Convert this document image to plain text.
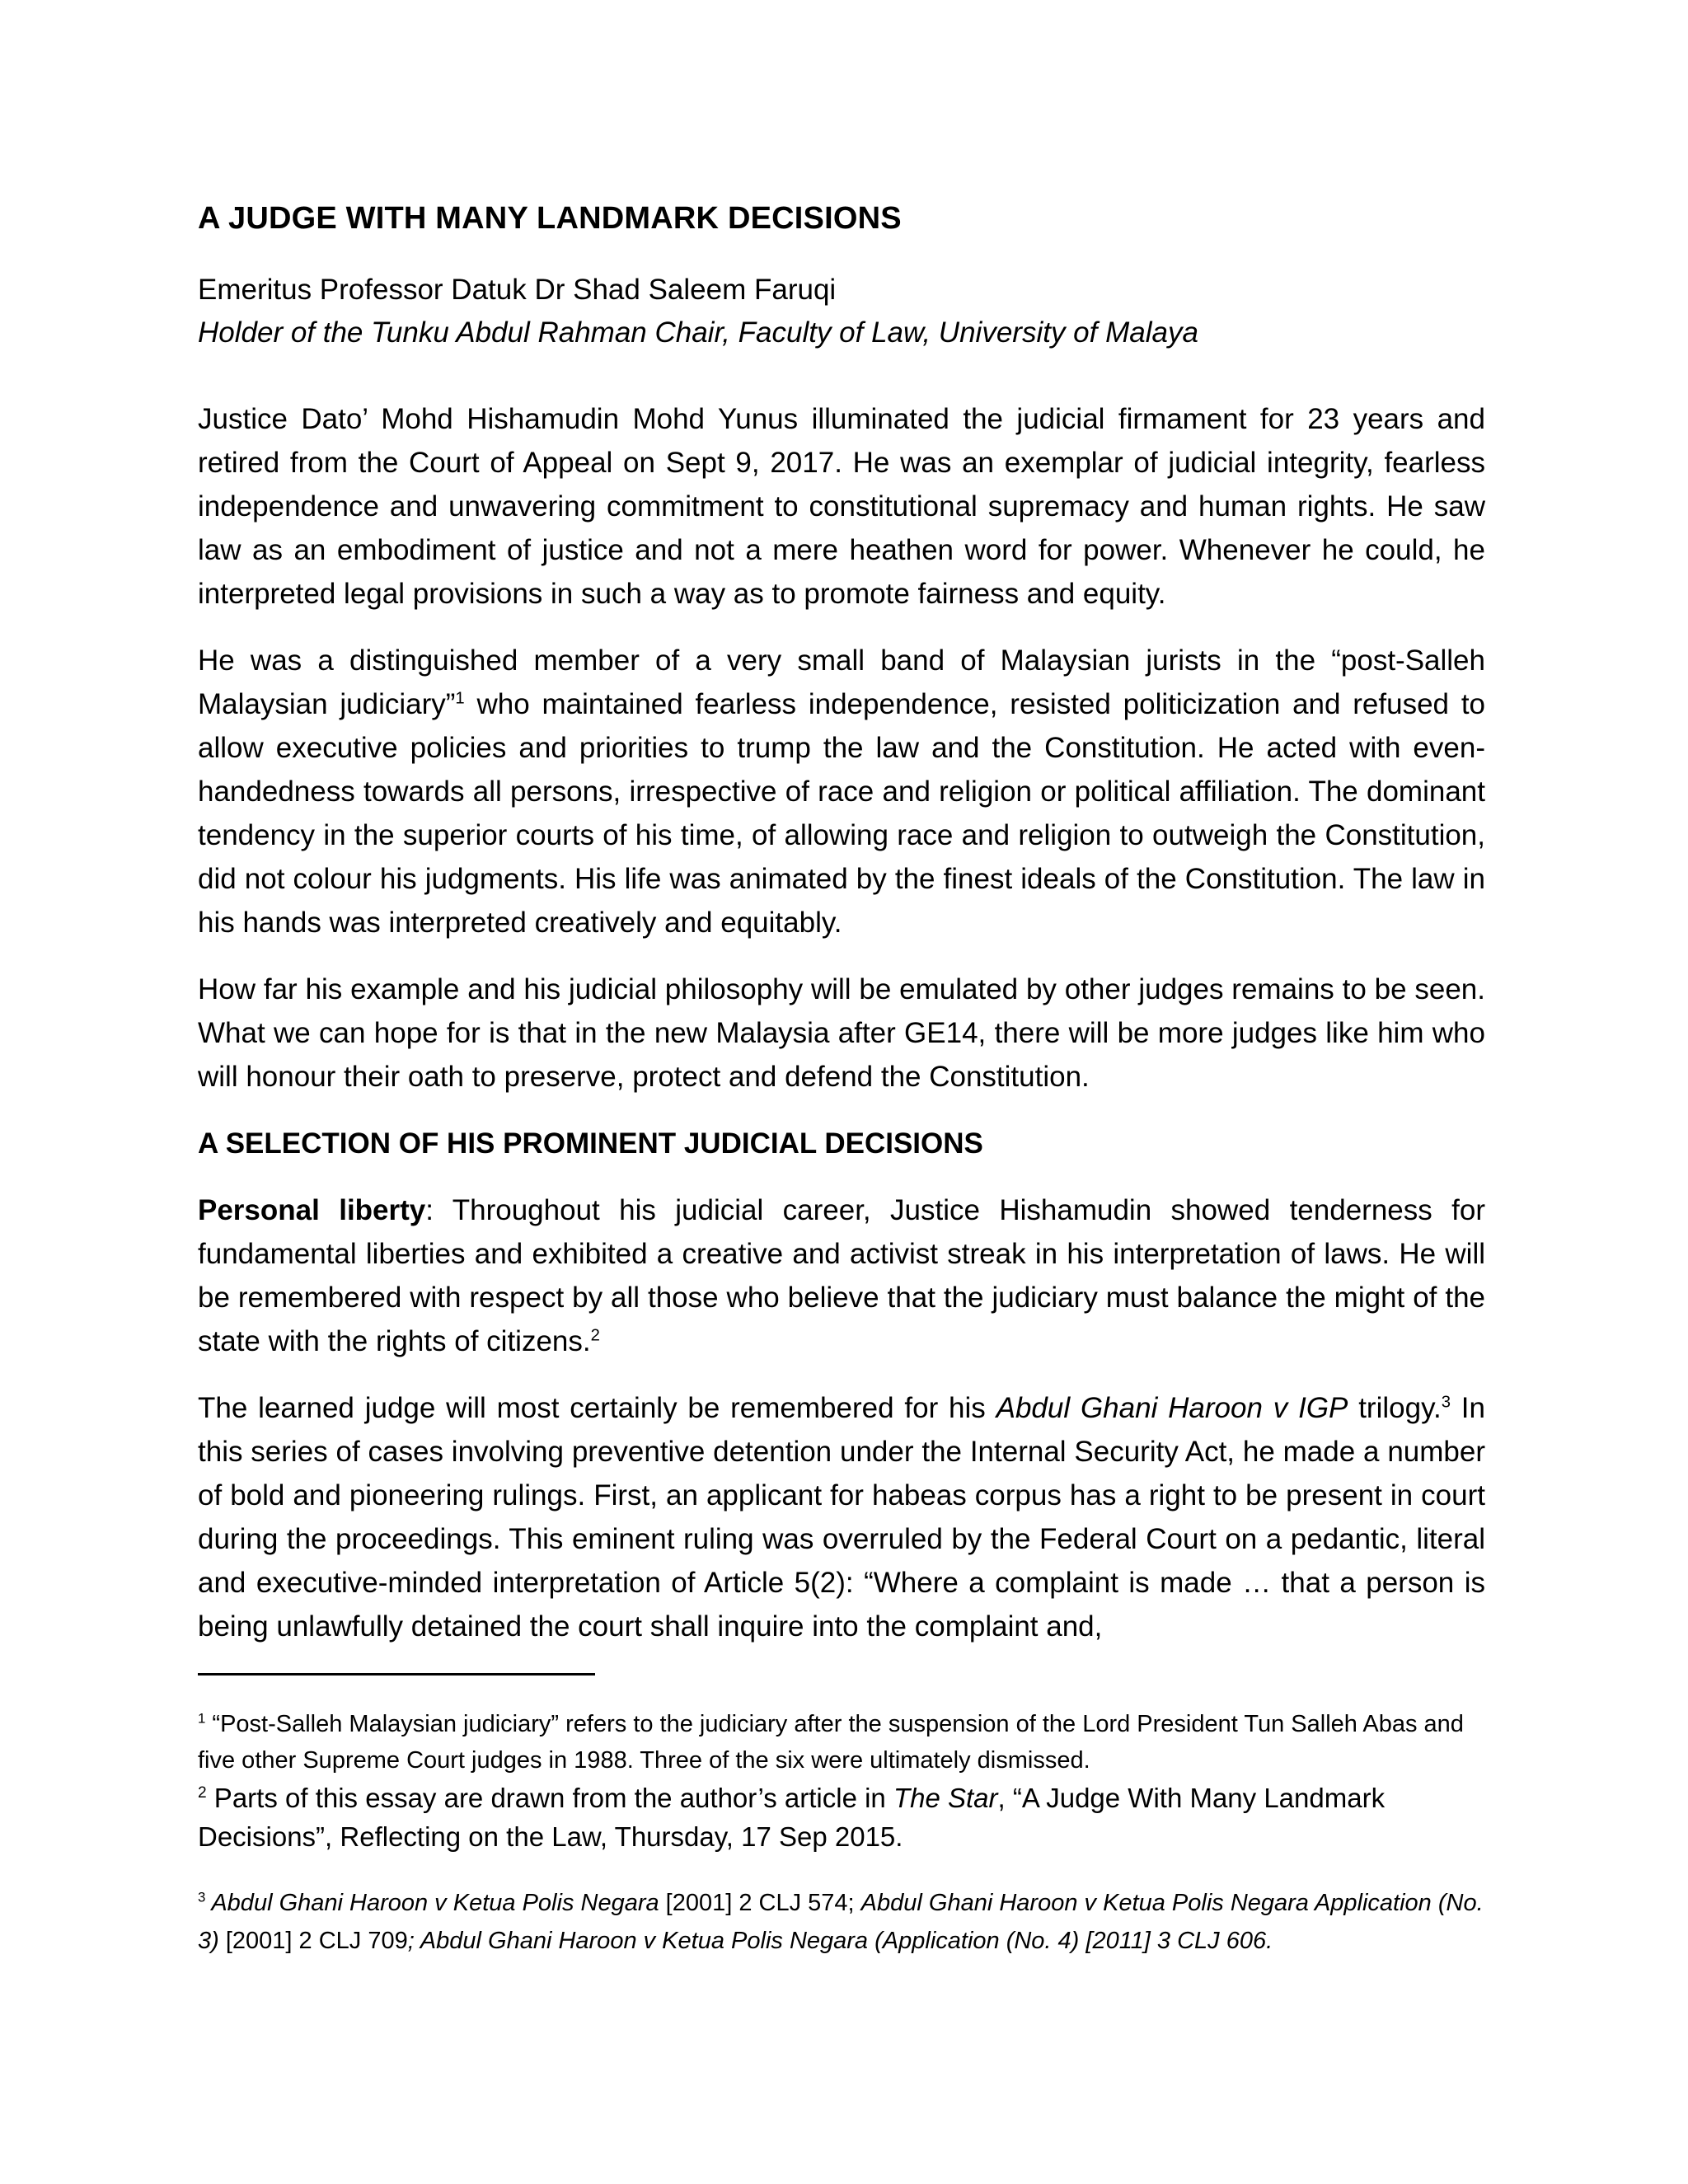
A JUDGE WITH MANY LANDMARK DECISIONS

Emeritus Professor Datuk Dr Shad Saleem Faruqi

Holder of the Tunku Abdul Rahman Chair, Faculty of Law, University of Malaya

Justice Dato’ Mohd Hishamudin Mohd Yunus illuminated the judicial firmament for 23 years and retired from the Court of Appeal on Sept 9, 2017. He was an exemplar of judicial integrity, fearless independence and unwavering commitment to constitutional supremacy and human rights. He saw law as an embodiment of justice and not a mere heathen word for power. Whenever he could, he interpreted legal provisions in such a way as to promote fairness and equity.

He was a distinguished member of a very small band of Malaysian jurists in the “post-Salleh Malaysian judiciary”$^1$ who maintained fearless independence, resisted politicization and refused to allow executive policies and priorities to trump the law and the Constitution. He acted with even-handedness towards all persons, irrespective of race and religion or political affiliation. The dominant tendency in the superior courts of his time, of allowing race and religion to outweigh the Constitution, did not colour his judgments. His life was animated by the finest ideals of the Constitution. The law in his hands was interpreted creatively and equitably.

How far his example and his judicial philosophy will be emulated by other judges remains to be seen. What we can hope for is that in the new Malaysia after GE14, there will be more judges like him who will honour their oath to preserve, protect and defend the Constitution.

A SELECTION OF HIS PROMINENT JUDICIAL DECISIONS

Personal liberty: Throughout his judicial career, Justice Hishamudin showed tenderness for fundamental liberties and exhibited a creative and activist streak in his interpretation of laws. He will be remembered with respect by all those who believe that the judiciary must balance the might of the state with the rights of citizens.$^2$

The learned judge will most certainly be remembered for his Abdul Ghani Haroon v IGP trilogy.$^3$ In this series of cases involving preventive detention under the Internal Security Act, he made a number of bold and pioneering rulings. First, an applicant for habeas corpus has a right to be present in court during the proceedings. This eminent ruling was overruled by the Federal Court on a pedantic, literal and executive-minded interpretation of Article 5(2): “Where a complaint is made … that a person is being unlawfully detained the court shall inquire into the complaint and,

$^1$ “Post-Salleh Malaysian judiciary” refers to the judiciary after the suspension of the Lord President Tun Salleh Abas and five other Supreme Court judges in 1988. Three of the six were ultimately dismissed.

$^2$ Parts of this essay are drawn from the author’s article in The Star, “A Judge With Many Landmark Decisions”, Reflecting on the Law, Thursday, 17 Sep 2015.

$^3$ Abdul Ghani Haroon v Ketua Polis Negara [2001] 2 CLJ 574; Abdul Ghani Haroon v Ketua Polis Negara Application (No. 3) [2001] 2 CLJ 709; Abdul Ghani Haroon v Ketua Polis Negara (Application (No. 4) [2011] 3 CLJ 606.
